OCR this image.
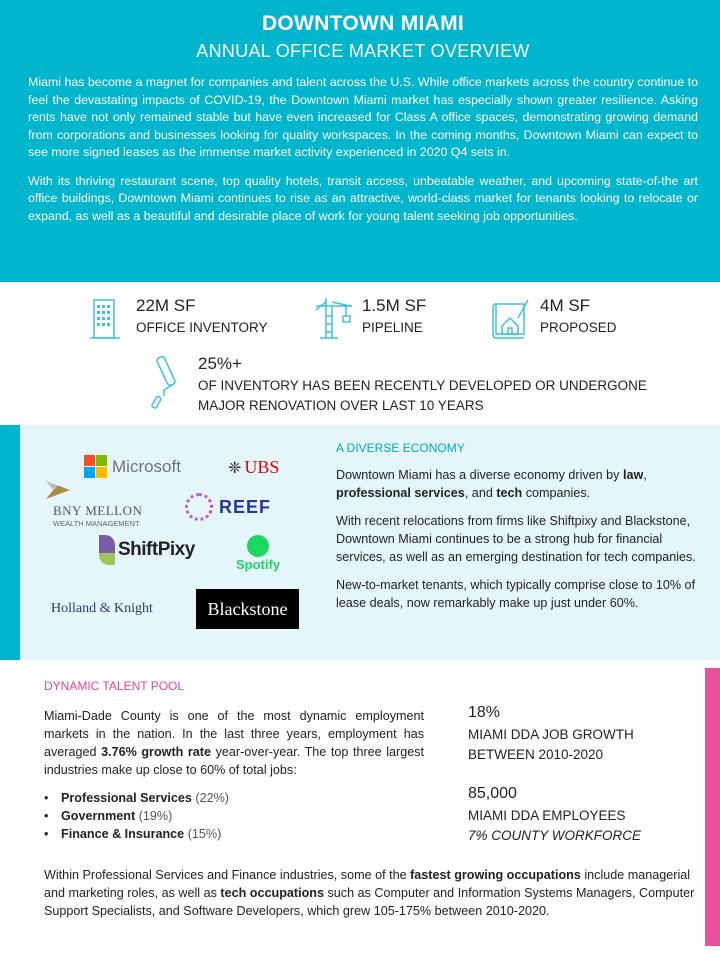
DOWNTOWN MIAMI
ANNUAL OFFICE MARKET OVERVIEW

Miami has become a magnet for companies and talent across the U.S. While office markets across the country continue to feel the devastating impacts of COVID-19, the Downtown Miami market has especially shown greater resilience. Asking rents have not only remained stable but have even increased for Class A office spaces, demonstrating growing demand from corporations and businesses looking for quality workspaces. In the coming months, Downtown Miami can expect to see more signed leases as the immense market activity experienced in 2020 Q4 sets in.

With its thriving restaurant scene, top quality hotels, transit access, unbeatable weather, and upcoming state-of-the art office buildings, Downtown Miami continues to rise as an attractive, world-class market for tenants looking to relocate or expand, as well as a beautiful and desirable place of work for young talent seeking job opportunities.

22M SF
OFFICE INVENTORY
1.5M SF
PIPELINE
4M SF
PROPOSED
25%+
OF INVENTORY HAS BEEN RECENTLY DEVELOPED OR UNDERGONE
MAJOR RENOVATION OVER LAST 10 YEARS
Microsoft	❈ UBS
BNY MELLON
WEALTH MANAGEMENT
REEF
ShiftPixy
Spotify
Holland & Knight	Blackstone
A DIVERSE ECONOMY

Downtown Miami has a diverse economy driven by law, professional services, and tech companies.

With recent relocations from firms like Shiftpixy and Blackstone, Downtown Miami continues to be a strong hub for financial services, as well as an emerging destination for tech companies.

New-to-market tenants, which typically comprise close to 10% of lease deals, now remarkably make up just under 60%.

DYNAMIC TALENT POOL

Miami-Dade County is one of the most dynamic employment markets in the nation. In the last three years, employment has averaged 3.76% growth rate year-over-year. The top three largest industries make up close to 60% of total jobs:

• Professional Services (22%)
• Government (19%)
• Finance & Insurance (15%)
18%
MIAMI DDA JOB GROWTH
BETWEEN 2010-2020
85,000
MIAMI DDA EMPLOYEES
7% COUNTY WORKFORCE

Within Professional Services and Finance industries, some of the fastest growing occupations include managerial and marketing roles, as well as tech occupations such as Computer and Information Systems Managers, Computer Support Specialists, and Software Developers, which grew 105-175% between 2010-2020.
